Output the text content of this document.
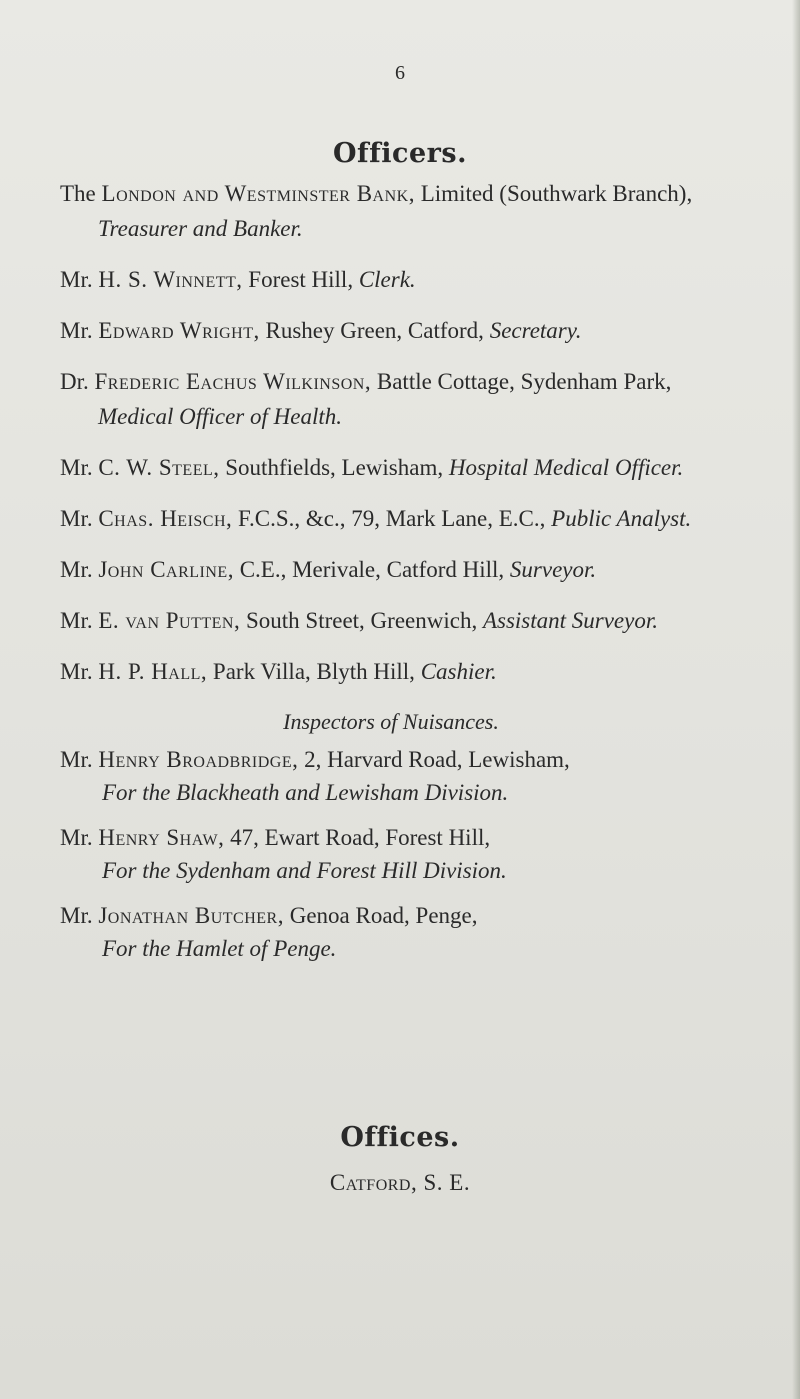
6
Officers.
The London and Westminster Bank, Limited (Southwark Branch), Treasurer and Banker.
Mr. H. S. Winnett, Forest Hill, Clerk.
Mr. Edward Wright, Rushey Green, Catford, Secretary.
Dr. Frederic Eachus Wilkinson, Battle Cottage, Sydenham Park, Medical Officer of Health.
Mr. C. W. Steel, Southfields, Lewisham, Hospital Medical Officer.
Mr. Chas. Heisch, F.C.S., &c., 79, Mark Lane, E.C., Public Analyst.
Mr. John Carline, C.E., Merivale, Catford Hill, Surveyor.
Mr. E. van Putten, South Street, Greenwich, Assistant Surveyor.
Mr. H. P. Hall, Park Villa, Blyth Hill, Cashier.
Inspectors of Nuisances.
Mr. Henry Broadbridge, 2, Harvard Road, Lewisham,
For the Blackheath and Lewisham Division.
Mr. Henry Shaw, 47, Ewart Road, Forest Hill,
For the Sydenham and Forest Hill Division.
Mr. Jonathan Butcher, Genoa Road, Penge,
For the Hamlet of Penge.
Offices.
Catford, S. E.
